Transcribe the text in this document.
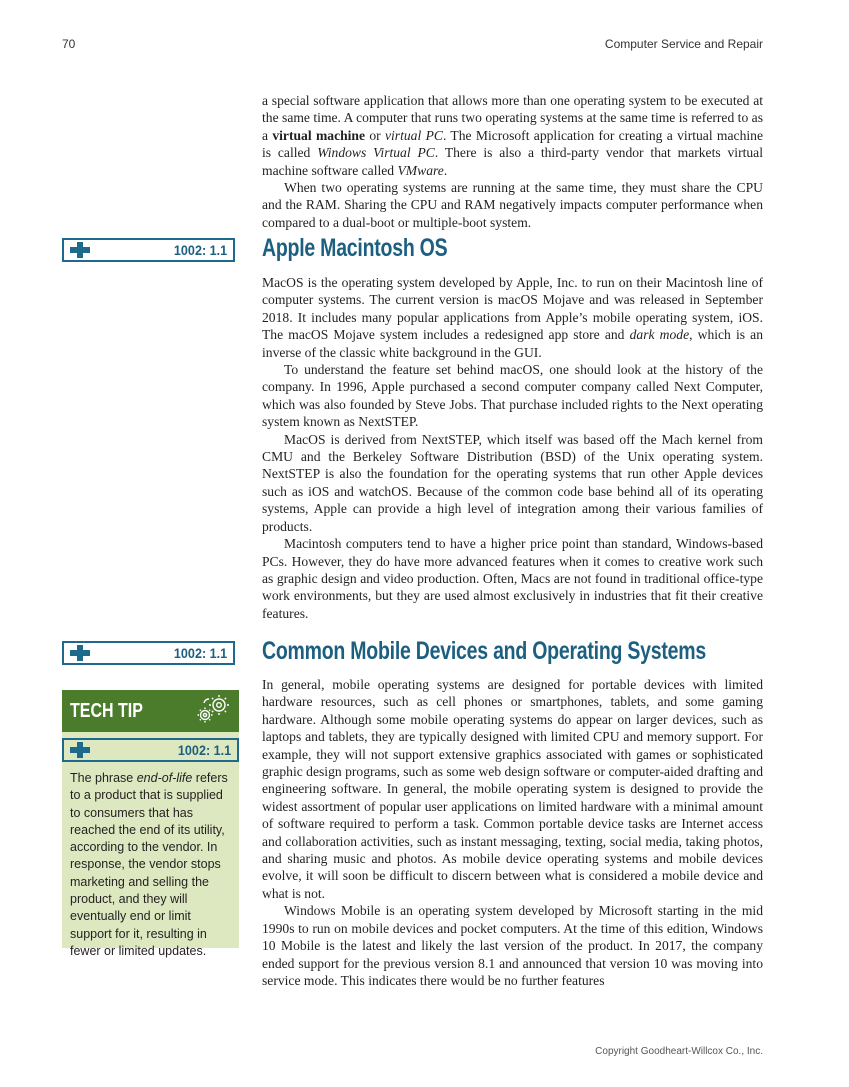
70	Computer Service and Repair

a special software application that allows more than one operating system to be executed at the same time. A computer that runs two operating systems at the same time is referred to as a virtual machine or virtual PC. The Microsoft application for creating a virtual machine is called Windows Virtual PC. There is also a third-party vendor that markets virtual machine software called VMware.

When two operating systems are running at the same time, they must share the CPU and the RAM. Sharing the CPU and RAM negatively impacts computer performance when compared to a dual-boot or multiple-boot system.

1002: 1.1 Apple Macintosh OS

MacOS is the operating system developed by Apple, Inc. to run on their Macintosh line of computer systems. The current version is macOS Mojave and was released in September 2018. It includes many popular applications from Apple’s mobile operating system, iOS. The macOS Mojave system includes a redesigned app store and dark mode, which is an inverse of the classic white background in the GUI.

To understand the feature set behind macOS, one should look at the history of the company. In 1996, Apple purchased a second computer company called Next Computer, which was also founded by Steve Jobs. That purchase included rights to the Next operating system known as NextSTEP.

MacOS is derived from NextSTEP, which itself was based off the Mach kernel from CMU and the Berkeley Software Distribution (BSD) of the Unix operating system. NextSTEP is also the foundation for the operating systems that run other Apple devices such as iOS and watchOS. Because of the common code base behind all of its operating systems, Apple can provide a high level of integration among their various families of products.

Macintosh computers tend to have a higher price point than standard, Windows-based PCs. However, they do have more advanced features when it comes to creative work such as graphic design and video production. Often, Macs are not found in traditional office-type work environments, but they are used almost exclusively in industries that fit their creative features.

1002: 1.1 Common Mobile Devices and Operating Systems

In general, mobile operating systems are designed for portable devices with limited hardware resources, such as cell phones or smartphones, tablets, and some gaming hardware. Although some mobile operating systems do appear on larger devices, such as laptops and tablets, they are typically designed with limited CPU and memory support. For example, they will not support extensive graphics associated with games or sophisticated graphic design programs, such as some web design software or computer-aided drafting and engineering software. In general, the mobile operating system is designed to provide the widest assortment of popular user applications on limited hardware with a minimal amount of software required to perform a task. Common portable device tasks are Internet access and collaboration activities, such as instant messaging, texting, social media, taking photos, and sharing music and photos. As mobile device operating systems and mobile devices evolve, it will soon be difficult to discern between what is considered a mobile device and what is not.

Windows Mobile is an operating system developed by Microsoft starting in the mid 1990s to run on mobile devices and pocket computers. At the time of this edition, Windows 10 Mobile is the latest and likely the last version of the product. In 2017, the company ended support for the previous version 8.1 and announced that version 10 was moving into service mode. This indicates there would be no further features

TECH TIP
1002: 1.1
The phrase end-of-life refers to a product that is supplied to consumers that has reached the end of its utility, according to the vendor. In response, the vendor stops marketing and selling the product, and they will eventually end or limit support for it, resulting in fewer or limited updates.
Copyright Goodheart-Willcox Co., Inc.
